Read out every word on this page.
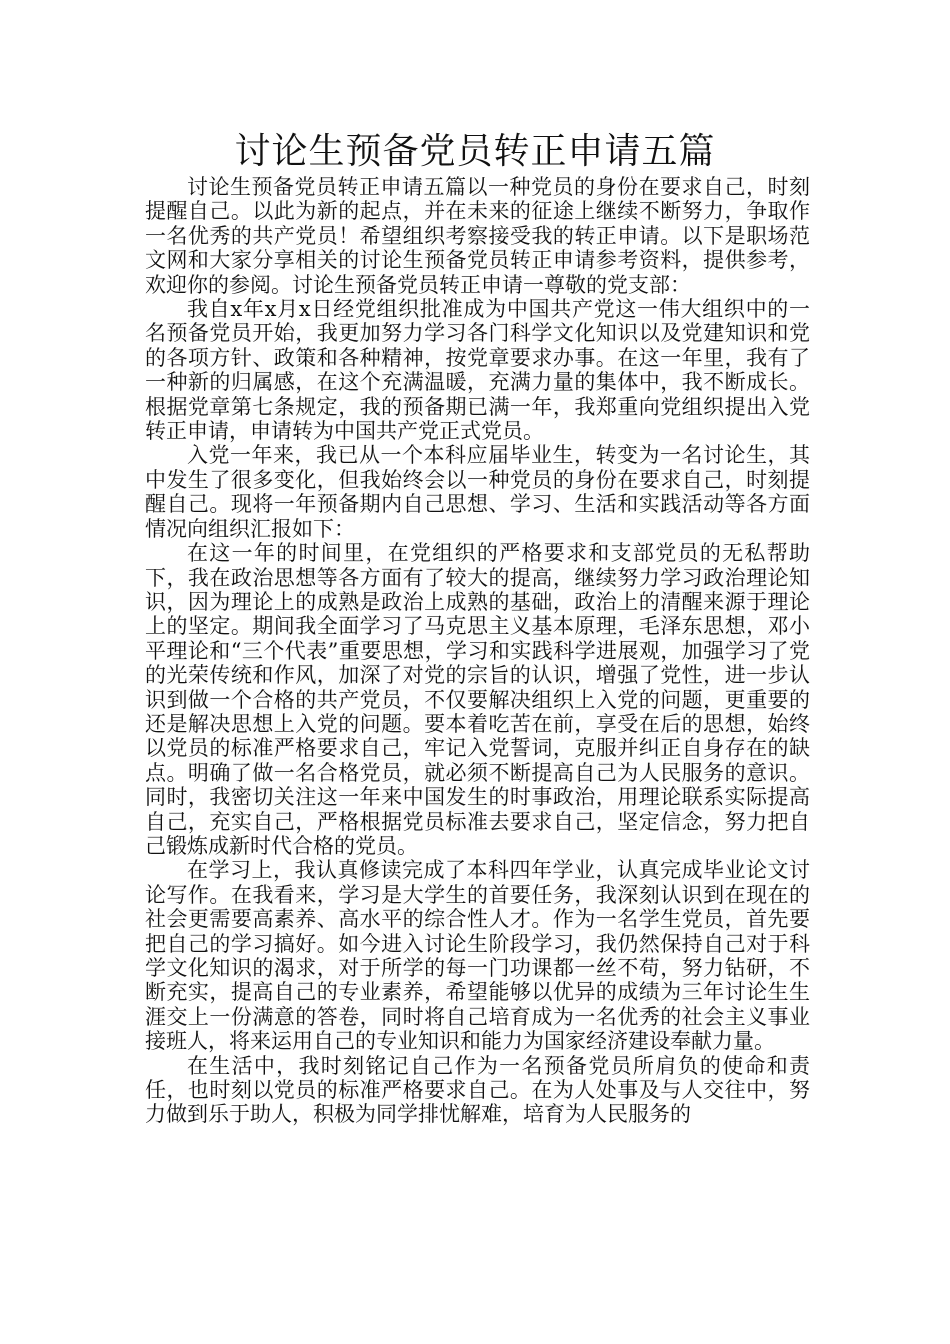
讨论生预备党员转正申请五篇

讨论生预备党员转正申请五篇以一种党员的身份在要求自己，时刻提醒自己。以此为新的起点，并在未来的征途上继续不断努力，争取作一名优秀的共产党员！希望组织考察接受我的转正申请。以下是职场范文网和大家分享相关的讨论生预备党员转正申请参考资料，提供参考，欢迎你的参阅。讨论生预备党员转正申请一尊敬的党支部：

我自x年x月x日经党组织批准成为中国共产党这一伟大组织中的一名预备党员开始，我更加努力学习各门科学文化知识以及党建知识和党的各项方针、政策和各种精神，按党章要求办事。在这一年里，我有了一种新的归属感，在这个充满温暖，充满力量的集体中，我不断成长。根据党章第七条规定，我的预备期已满一年，我郑重向党组织提出入党转正申请，申请转为中国共产党正式党员。

入党一年来，我已从一个本科应届毕业生，转变为一名讨论生，其中发生了很多变化，但我始终会以一种党员的身份在要求自己，时刻提醒自己。现将一年预备期内自己思想、学习、生活和实践活动等各方面情况向组织汇报如下：

在这一年的时间里，在党组织的严格要求和支部党员的无私帮助下，我在政治思想等各方面有了较大的提高，继续努力学习政治理论知识，因为理论上的成熟是政治上成熟的基础，政治上的清醒来源于理论上的坚定。期间我全面学习了马克思主义基本原理，毛泽东思想，邓小平理论和“三个代表”重要思想，学习和实践科学进展观，加强学习了党的光荣传统和作风，加深了对党的宗旨的认识，增强了党性，进一步认识到做一个合格的共产党员，不仅要解决组织上入党的问题，更重要的还是解决思想上入党的问题。要本着吃苦在前，享受在后的思想，始终以党员的标准严格要求自己，牢记入党誓词，克服并纠正自身存在的缺点。明确了做一名合格党员，就必须不断提高自己为人民服务的意识。同时，我密切关注这一年来中国发生的时事政治，用理论联系实际提高自己，充实自己，严格根据党员标准去要求自己，坚定信念，努力把自己锻炼成新时代合格的党员。

在学习上，我认真修读完成了本科四年学业，认真完成毕业论文讨论写作。在我看来，学习是大学生的首要任务，我深刻认识到在现在的社会更需要高素养、高水平的综合性人才。作为一名学生党员，首先要把自己的学习搞好。如今进入讨论生阶段学习，我仍然保持自己对于科学文化知识的渴求，对于所学的每一门功课都一丝不苟，努力钻研，不断充实，提高自己的专业素养，希望能够以优异的成绩为三年讨论生生涯交上一份满意的答卷，同时将自己培育成为一名优秀的社会主义事业接班人，将来运用自己的专业知识和能力为国家经济建设奉献力量。

在生活中，我时刻铭记自己作为一名预备党员所肩负的使命和责任，也时刻以党员的标准严格要求自己。在为人处事及与人交往中，努力做到乐于助人，积极为同学排忧解难，培育为人民服务的
